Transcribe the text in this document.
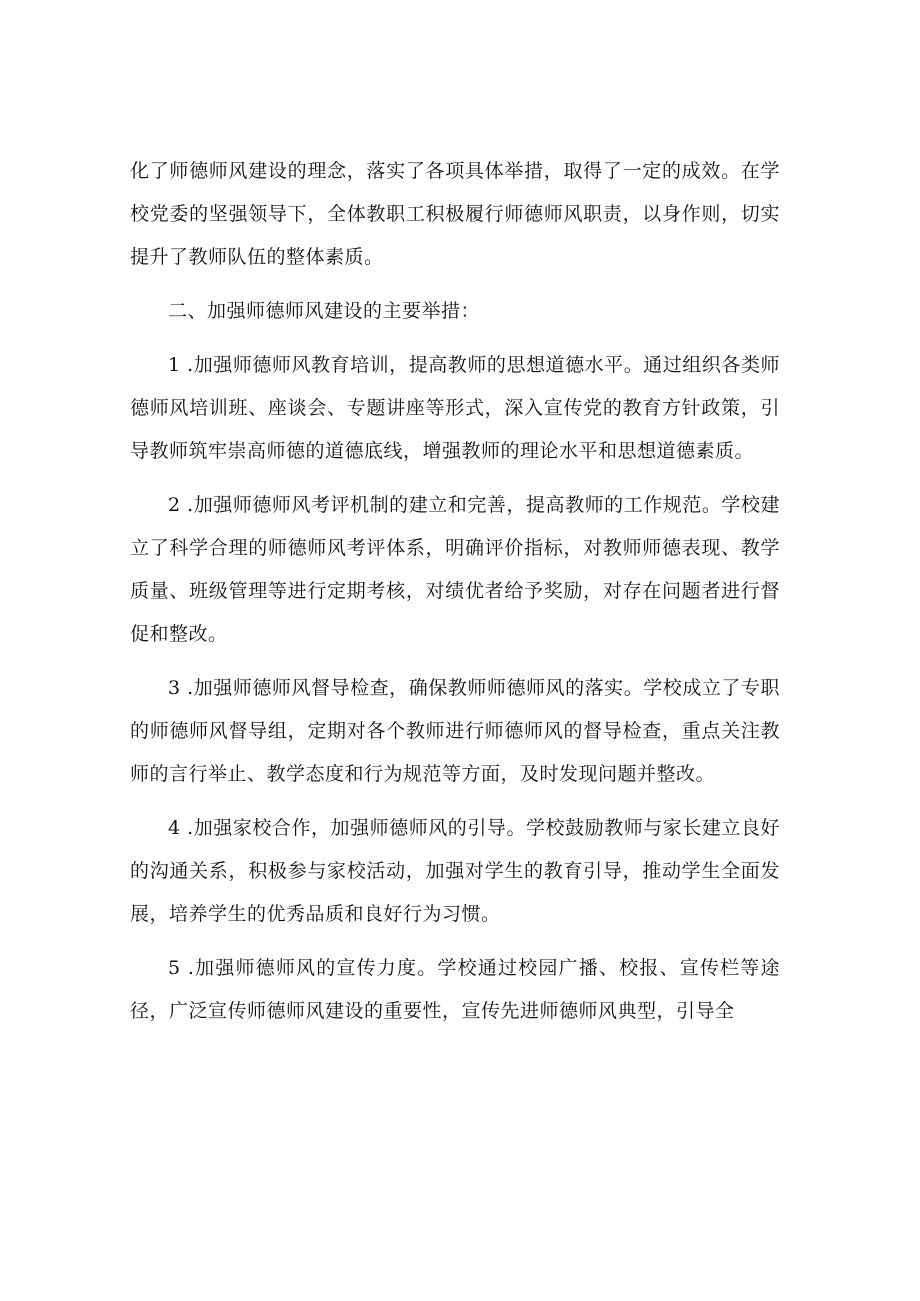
化了师德师风建设的理念，落实了各项具体举措，取得了一定的成效。在学校党委的坚强领导下，全体教职工积极履行师德师风职责，以身作则，切实提升了教师队伍的整体素质。

二、加强师德师风建设的主要举措：

1 .加强师德师风教育培训，提高教师的思想道德水平。通过组织各类师德师风培训班、座谈会、专题讲座等形式，深入宣传党的教育方针政策，引导教师筑牢崇高师德的道德底线，增强教师的理论水平和思想道德素质。

2 .加强师德师风考评机制的建立和完善，提高教师的工作规范。学校建立了科学合理的师德师风考评体系，明确评价指标，对教师师德表现、教学质量、班级管理等进行定期考核，对绩优者给予奖励，对存在问题者进行督促和整改。

3 .加强师德师风督导检查，确保教师师德师风的落实。学校成立了专职的师德师风督导组，定期对各个教师进行师德师风的督导检查，重点关注教师的言行举止、教学态度和行为规范等方面，及时发现问题并整改。

4 .加强家校合作，加强师德师风的引导。学校鼓励教师与家长建立良好的沟通关系，积极参与家校活动，加强对学生的教育引导，推动学生全面发展，培养学生的优秀品质和良好行为习惯。

5 .加强师德师风的宣传力度。学校通过校园广播、校报、宣传栏等途径，广泛宣传师德师风建设的重要性，宣传先进师德师风典型，引导全
